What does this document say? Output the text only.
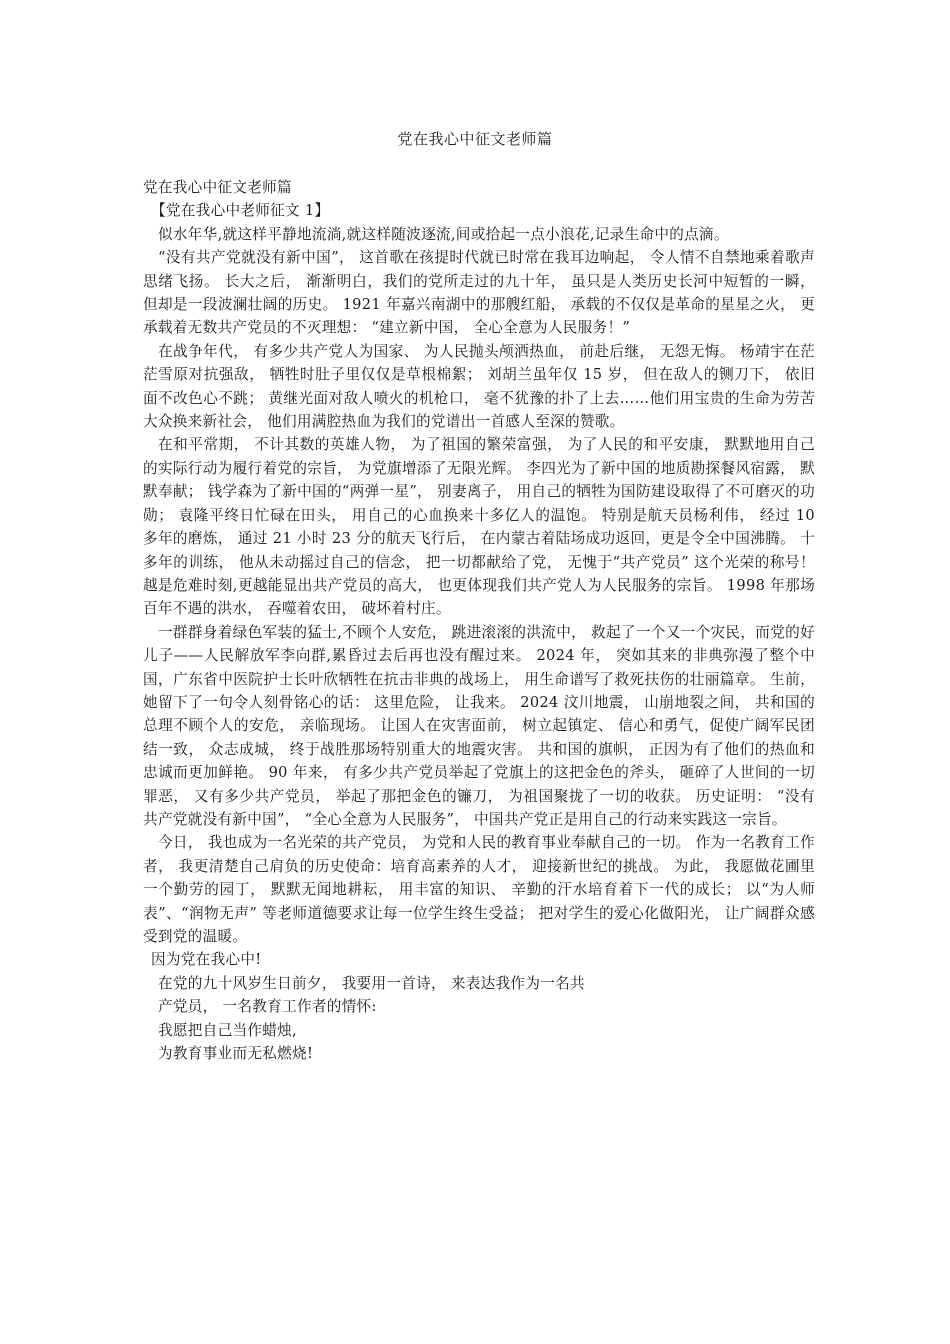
党在我心中征文老师篇

党在我心中征文老师篇

【党在我心中老师征文 1】

似水年华,就这样平静地流淌,就这样随波逐流,间或拾起一点小浪花,记录生命中的点滴。

“没有共产党就没有新中国”， 这首歌在孩提时代就已时常在我耳边响起， 令人情不自禁地乘着歌声思绪飞扬。 长大之后， 渐渐明白，我们的党所走过的九十年， 虽只是人类历史长河中短暂的一瞬， 但却是一段波澜壮阔的历史。 1921 年嘉兴南湖中的那艘红船， 承载的不仅仅是革命的星星之火， 更承载着无数共产党员的不灭理想： “建立新中国， 全心全意为人民服务！”

在战争年代， 有多少共产党人为国家、 为人民抛头颅洒热血， 前赴后继， 无怨无悔。 杨靖宇在茫茫雪原对抗强敌， 牺牲时肚子里仅仅是草根棉絮； 刘胡兰虽年仅 15 岁， 但在敌人的铡刀下， 依旧面不改色心不跳； 黄继光面对敌人喷火的机枪口， 毫不犹豫的扑了上去……他们用宝贵的生命为劳苦大众换来新社会， 他们用满腔热血为我们的党谱出一首感人至深的赞歌。

在和平常期， 不计其数的英雄人物， 为了祖国的繁荣富强， 为了人民的和平安康， 默默地用自己的实际行动为履行着党的宗旨， 为党旗增添了无限光辉。 李四光为了新中国的地质勘探餐风宿露， 默默奉献； 钱学森为了新中国的“两弹一星”， 别妻离子， 用自己的牺牲为国防建设取得了不可磨灭的功勋； 袁隆平终日忙碌在田头， 用自己的心血换来十多亿人的温饱。 特别是航天员杨利伟， 经过 10 多年的磨炼， 通过 21 小时 23 分的航天飞行后， 在内蒙古着陆场成功返回，更是令全中国沸腾。 十多年的训练， 他从未动摇过自己的信念， 把一切都献给了党， 无愧于“共产党员” 这个光荣的称号！ 越是危难时刻,更越能显出共产党员的高大， 也更体现我们共产党人为人民服务的宗旨。 1998 年那场百年不遇的洪水， 吞噬着农田， 破坏着村庄。

一群群身着绿色军装的猛士,不顾个人安危， 跳进滚滚的洪流中， 救起了一个又一个灾民，而党的好儿子——人民解放军李向群,累昏过去后再也没有醒过来。 2024 年， 突如其来的非典弥漫了整个中国，广东省中医院护士长叶欣牺牲在抗击非典的战场上， 用生命谱写了救死扶伤的壮丽篇章。 生前， 她留下了一句令人刻骨铭心的话： 这里危险， 让我来。 2024 汶川地震， 山崩地裂之间， 共和国的总理不顾个人的安危， 亲临现场。 让国人在灾害面前， 树立起镇定、 信心和勇气，促使广阔军民团结一致， 众志成城， 终于战胜那场特别重大的地震灾害。 共和国的旗帜， 正因为有了他们的热血和忠诚而更加鲜艳。 90 年来， 有多少共产党员举起了党旗上的这把金色的斧头， 砸碎了人世间的一切罪恶， 又有多少共产党员， 举起了那把金色的镰刀， 为祖国聚拢了一切的收获。 历史证明： “没有共产党就没有新中国”， “全心全意为人民服务”， 中国共产党正是用自己的行动来实践这一宗旨。

今日， 我也成为一名光荣的共产党员， 为党和人民的教育事业奉献自己的一切。 作为一名教育工作者， 我更清楚自己肩负的历史使命：培育高素养的人才， 迎接新世纪的挑战。 为此， 我愿做花圃里一个勤劳的园丁， 默默无闻地耕耘， 用丰富的知识、 辛勤的汗水培育着下一代的成长； 以“为人师表”、“润物无声” 等老师道德要求让每一位学生终生受益； 把对学生的爱心化做阳光， 让广阔群众感受到党的温暖。

因为党在我心中!

在党的九十风岁生日前夕， 我要用一首诗， 来表达我作为一名共

产党员， 一名教育工作者的情怀:

我愿把自己当作蜡烛,

为教育事业而无私燃烧!
